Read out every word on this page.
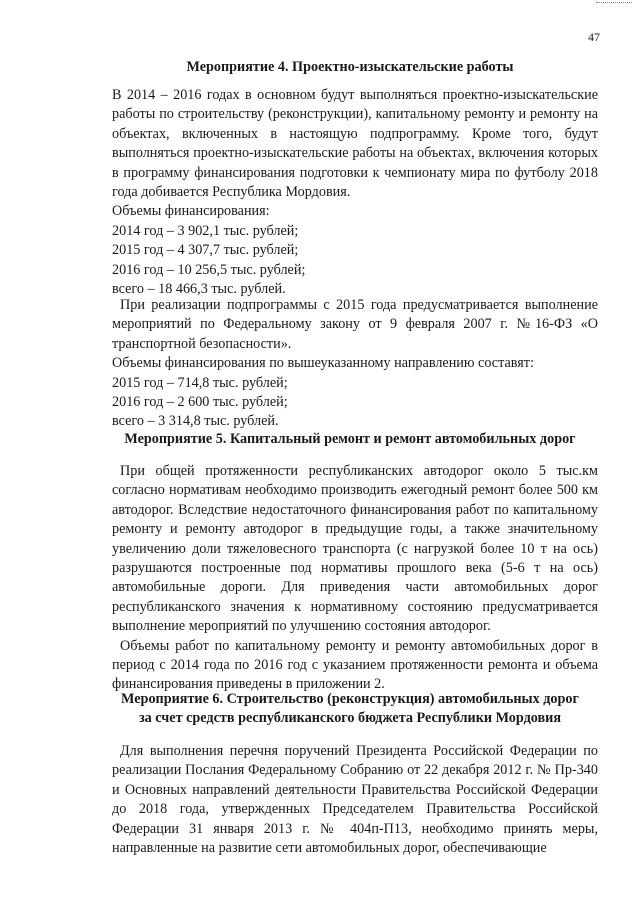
47
Мероприятие 4. Проектно-изыскательские работы

В 2014 – 2016 годах в основном будут выполняться проектно-изыскательские работы по строительству (реконструкции), капитальному ремонту и ремонту на объектах, включенных в настоящую подпрограмму. Кроме того, будут выполняться проектно-изыскательские работы на объектах, включения которых в программу финансирования подготовки к чемпионату мира по футболу 2018 года добивается Республика Мордовия.

Объемы финансирования:

2014 год – 3 902,1 тыс. рублей;

2015 год – 4 307,7 тыс. рублей;

2016 год – 10 256,5 тыс. рублей;

всего – 18 466,3 тыс. рублей.

При реализации подпрограммы с 2015 года предусматривается выполнение мероприятий по Федеральному закону от 9 февраля 2007 г. №16-ФЗ «О транспортной безопасности».

Объемы финансирования по вышеуказанному направлению составят:

2015 год – 714,8 тыс. рублей;

2016 год – 2 600 тыс. рублей;

всего – 3 314,8 тыс. рублей.

Мероприятие 5. Капитальный ремонт и ремонт автомобильных дорог

При общей протяженности республиканских автодорог около 5 тыс.км согласно нормативам необходимо производить ежегодный ремонт более 500 км автодорог. Вследствие недостаточного финансирования работ по капитальному ремонту и ремонту автодорог в предыдущие годы, а также значительному увеличению доли тяжеловесного транспорта (с нагрузкой более 10 т на ось) разрушаются построенные под нормативы прошлого века (5-6 т на ось) автомобильные дороги. Для приведения части автомобильных дорог республиканского значения к нормативному состоянию предусматривается выполнение мероприятий по улучшению состояния автодорог.

Объемы работ по капитальному ремонту и ремонту автомобильных дорог в период с 2014 года по 2016 год с указанием протяженности ремонта и объема финансирования приведены в приложении 2.

Мероприятие 6. Строительство (реконструкция) автомобильных дорог
за счет средств республиканского бюджета Республики Мордовия

Для выполнения перечня поручений Президента Российской Федерации по реализации Послания Федеральному Собранию от 22 декабря 2012 г. № Пр-340 и Основных направлений деятельности Правительства Российской Федерации до 2018 года, утвержденных Председателем Правительства Российской Федерации 31 января 2013 г. № 404п-П13, необходимо принять меры, направленные на развитие сети автомобильных дорог, обеспечивающие
